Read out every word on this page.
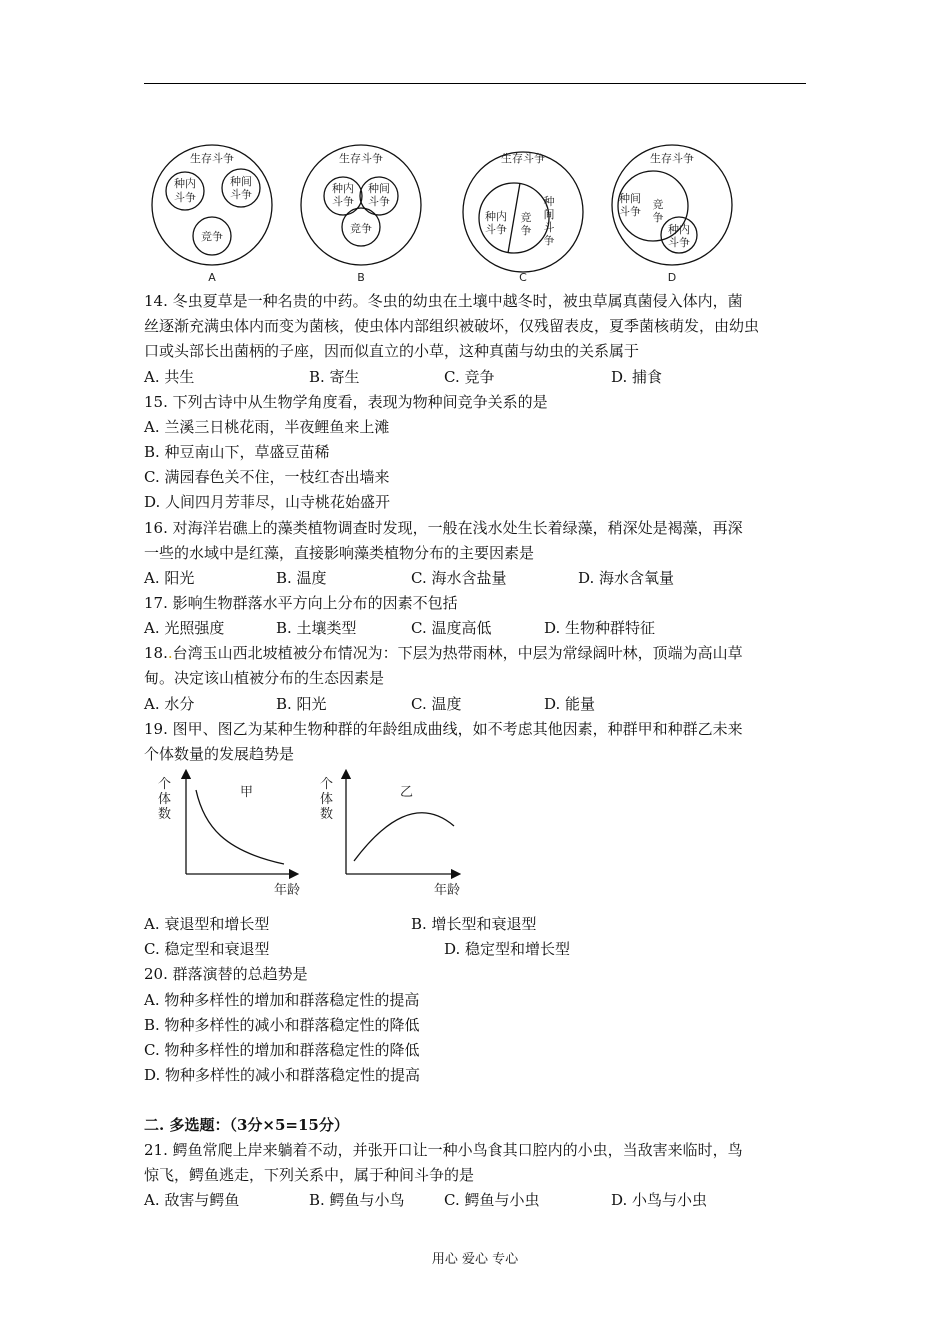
生存斗争
种内
斗争
种间
斗争
竞争
生存斗争
种内
斗争
种间
斗争
竞争
生存斗争
种内
斗争
竞
争
种
间
斗
争
生存斗争
种间
斗争
竞
争
种内
斗争
A	B	C	D
14. 冬虫夏草是一种名贵的中药。冬虫的幼虫在土壤中越冬时，被虫草属真菌侵入体内，菌
丝逐渐充满虫体内而变为菌核，使虫体内部组织被破坏，仅残留表皮，夏季菌核萌发，由幼虫
口或头部长出菌柄的子座，因而似直立的小草，这种真菌与幼虫的关系属于
A. 共生	B. 寄生	C. 竞争	D. 捕食
15. 下列古诗中从生物学角度看，表现为物种间竞争关系的是
A. 兰溪三日桃花雨，半夜鲤鱼来上滩
B. 种豆南山下，草盛豆苗稀
C. 满园春色关不住，一枝红杏出墙来
D. 人间四月芳菲尽，山寺桃花始盛开
16. 对海洋岩礁上的藻类植物调查时发现，一般在浅水处生长着绿藻，稍深处是褐藻，再深
一些的水域中是红藻，直接影响藻类植物分布的主要因素是
A. 阳光	B. 温度	C. 海水含盐量	D. 海水含氧量
17. 影响生物群落水平方向上分布的因素不包括
A. 光照强度	B. 土壤类型	C. 温度高低	D. 生物种群特征
18..台湾玉山西北坡植被分布情况为：下层为热带雨林，中层为常绿阔叶林，顶端为高山草
甸。决定该山植被分布的生态因素是
A. 水分	B. 阳光	C. 温度	D. 能量
19. 图甲、图乙为某种生物种群的年龄组成曲线，如不考虑其他因素，种群甲和种群乙未来
个体数量的发展趋势是
个
体
数
甲
年龄
个
体
数
乙
年龄
A. 衰退型和增长型	B. 增长型和衰退型
C. 稳定型和衰退型	D. 稳定型和增长型
20. 群落演替的总趋势是
A. 物种多样性的增加和群落稳定性的提高
B. 物种多样性的减小和群落稳定性的降低
C. 物种多样性的增加和群落稳定性的降低
D. 物种多样性的减小和群落稳定性的提高
二. 多选题：（3分×5=15分）
21. 鳄鱼常爬上岸来躺着不动，并张开口让一种小鸟食其口腔内的小虫，当敌害来临时，鸟
惊飞，鳄鱼逃走，下列关系中，属于种间斗争的是
A. 敌害与鳄鱼	B. 鳄鱼与小鸟	C. 鳄鱼与小虫	D. 小鸟与小虫
用心 爱心 专心
